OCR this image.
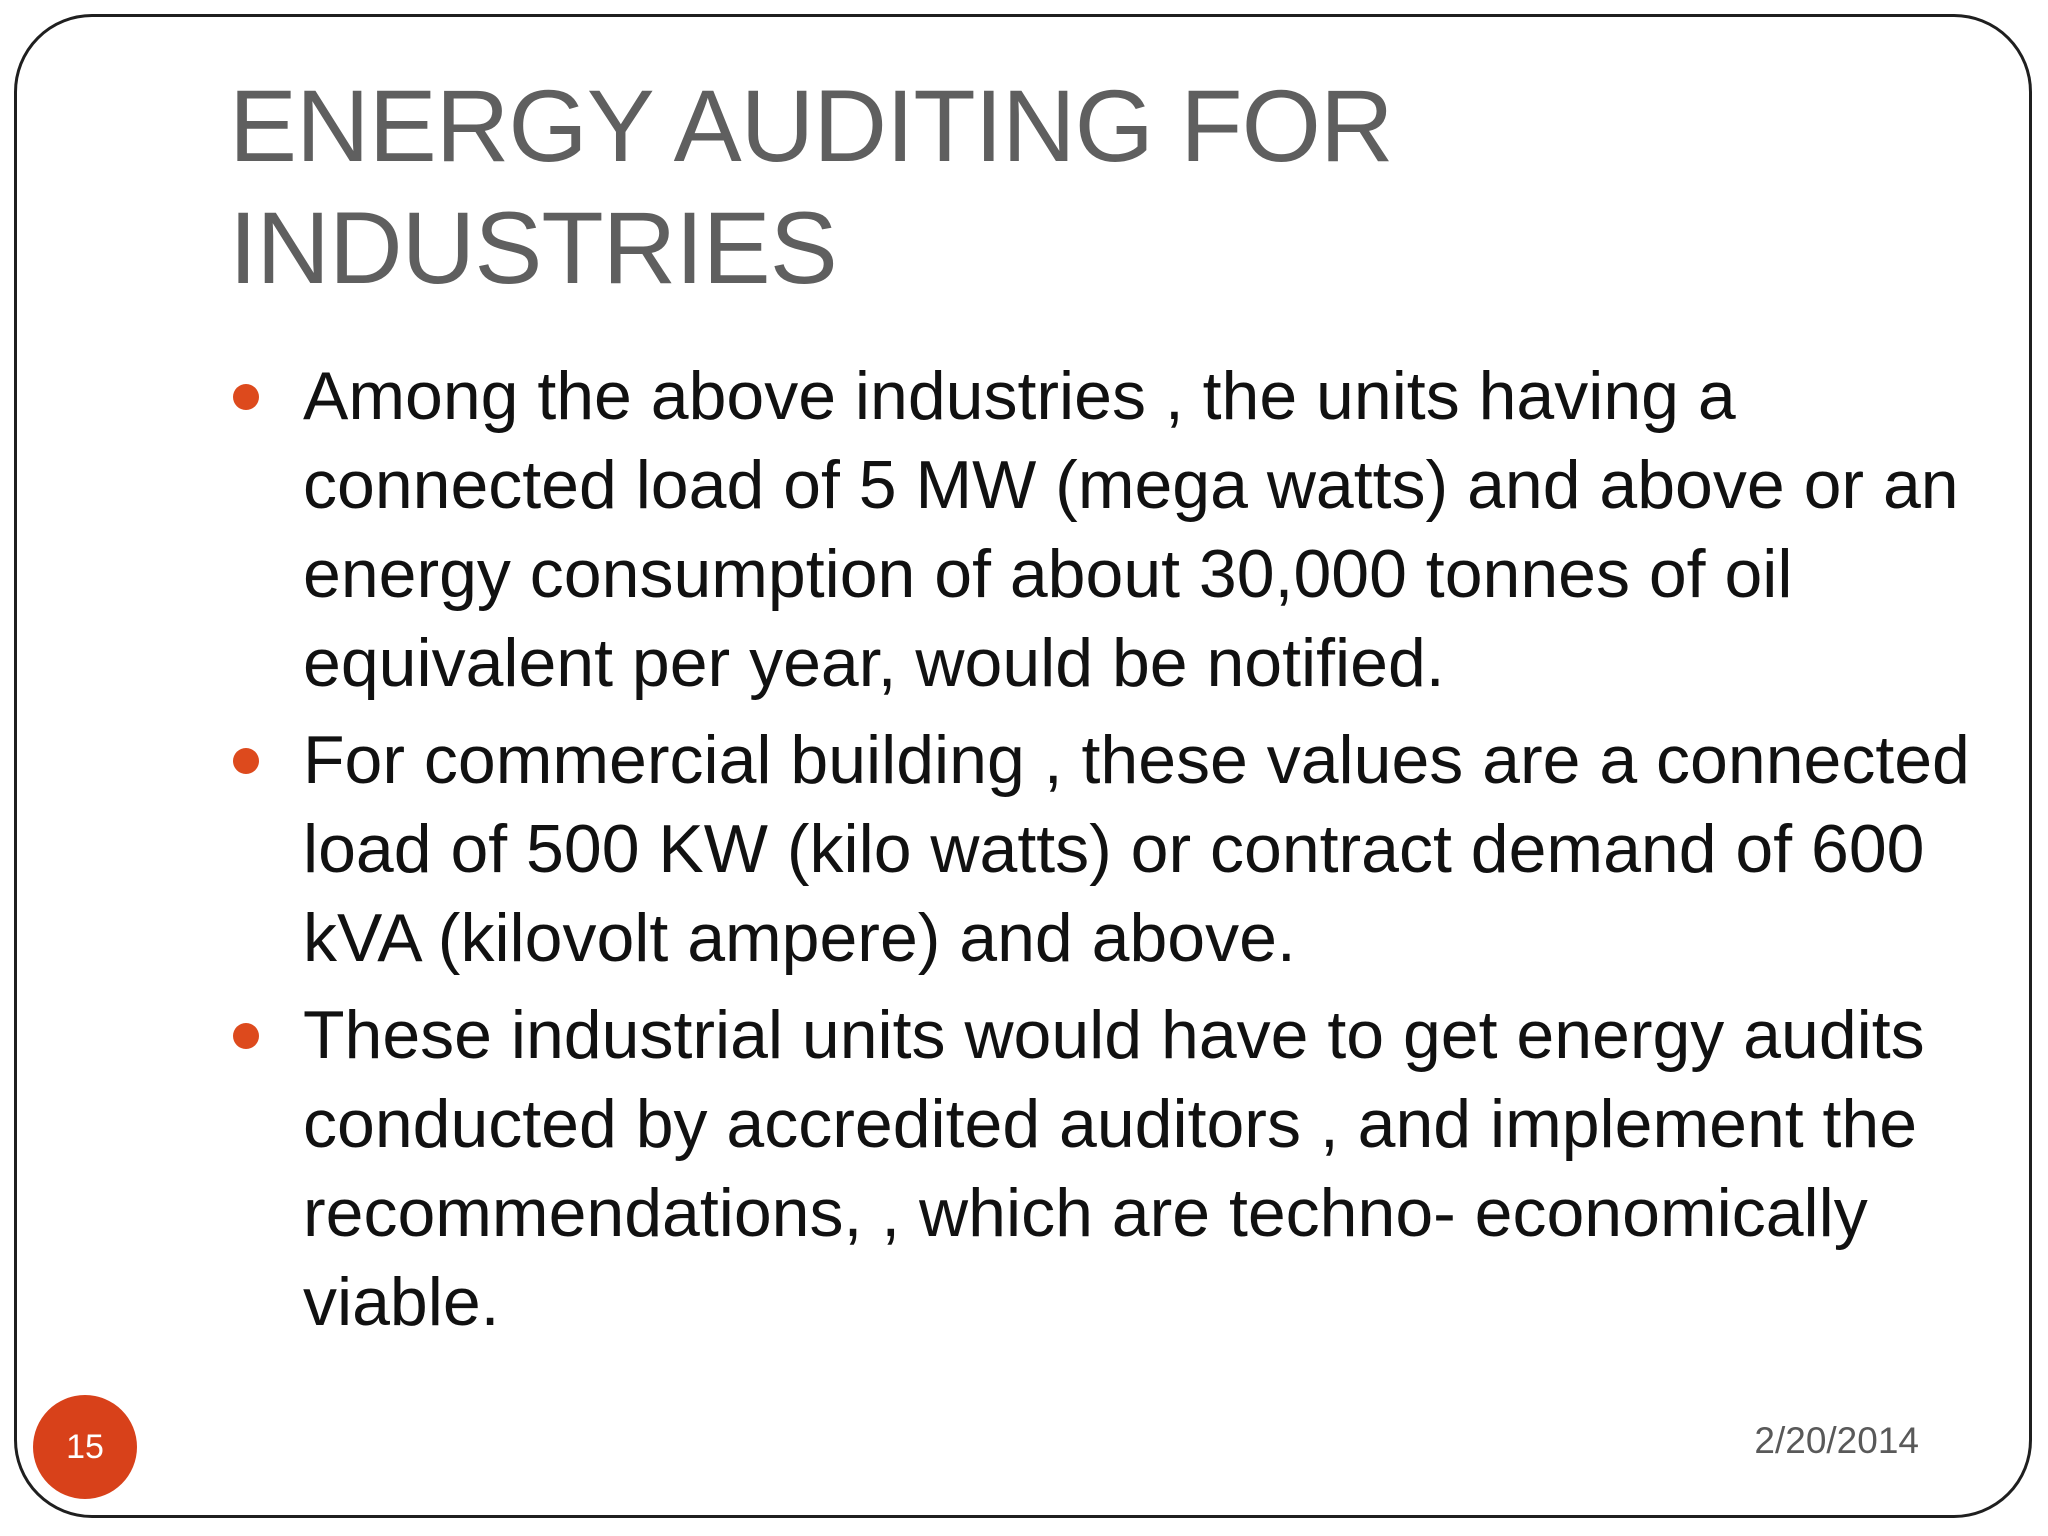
ENERGY AUDITING FOR INDUSTRIES
Among the above industries , the units having a connected load of 5 MW (mega watts) and above or an energy consumption of about 30,000 tonnes of oil equivalent per year, would be notified.
For commercial building , these values are a connected load of 500 KW (kilo watts) or contract demand of 600 kVA (kilovolt ampere) and above.
These industrial units would have to get energy audits conducted by accredited auditors , and implement the recommendations, , which are techno- economically viable.
15	2/20/2014
